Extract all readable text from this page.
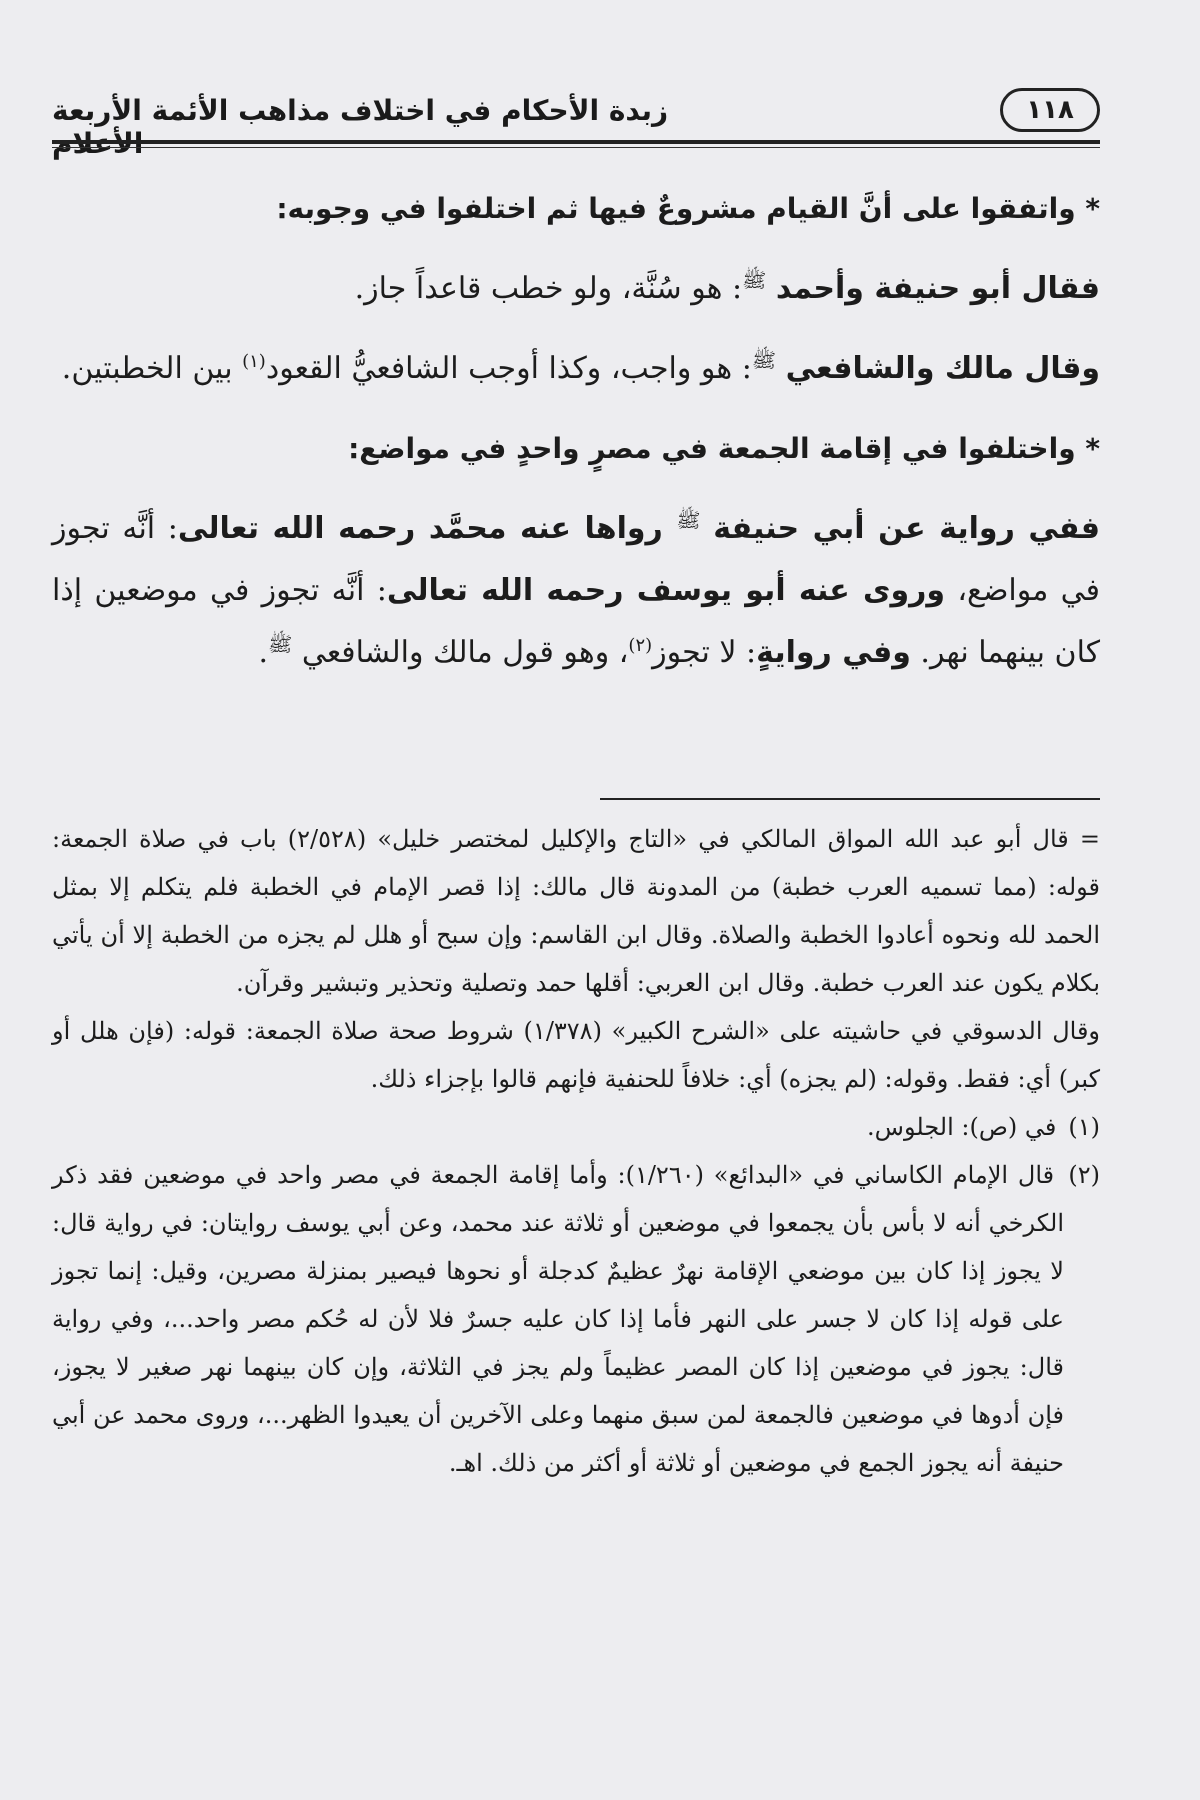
١١٨
زبدة الأحكام في اختلاف مذاهب الأئمة الأربعة الأعلام

* واتفقوا على أنَّ القيام مشروعٌ فيها ثم اختلفوا في وجوبه:

فقال أبو حنيفة وأحمد $^ﷺ$: هو سُنَّة، ولو خطب قاعداً جاز.

وقال مالك والشافعي $^ﷺ$: هو واجب، وكذا أوجب الشافعيُّ القعود$^{(١)}$ بين الخطبتين.

* واختلفوا في إقامة الجمعة في مصرٍ واحدٍ في مواضع:

ففي رواية عن أبي حنيفة $^ﷺ$ رواها عنه محمَّد رحمه الله تعالى: أنَّه تجوز في مواضع، وروى عنه أبو يوسف رحمه الله تعالى: أنَّه تجوز في موضعين إذا كان بينهما نهر. وفي روايةٍ: لا تجوز$^{(٢)}$، وهو قول مالك والشافعي $^ﷺ$.

= قال أبو عبد الله المواق المالكي في «التاج والإكليل لمختصر خليل» (٢/٥٢٨) باب في صلاة الجمعة: قوله: (مما تسميه العرب خطبة) من المدونة قال مالك: إذا قصر الإمام في الخطبة فلم يتكلم إلا بمثل الحمد لله ونحوه أعادوا الخطبة والصلاة. وقال ابن القاسم: وإن سبح أو هلل لم يجزه من الخطبة إلا أن يأتي بكلام يكون عند العرب خطبة. وقال ابن العربي: أقلها حمد وتصلية وتحذير وتبشير وقرآن.

وقال الدسوقي في حاشيته على «الشرح الكبير» (١/٣٧٨) شروط صحة صلاة الجمعة: قوله: (فإن هلل أو كبر) أي: فقط. وقوله: (لم يجزه) أي: خلافاً للحنفية فإنهم قالوا بإجزاء ذلك.

(١) في (ص): الجلوس.

(٢) قال الإمام الكاساني في «البدائع» (١/٢٦٠): وأما إقامة الجمعة في مصر واحد في موضعين فقد ذكر الكرخي أنه لا بأس بأن يجمعوا في موضعين أو ثلاثة عند محمد، وعن أبي يوسف روايتان: في رواية قال: لا يجوز إذا كان بين موضعي الإقامة نهرٌ عظيمٌ كدجلة أو نحوها فيصير بمنزلة مصرين، وقيل: إنما تجوز على قوله إذا كان لا جسر على النهر فأما إذا كان عليه جسرٌ فلا لأن له حُكم مصر واحد...، وفي رواية قال: يجوز في موضعين إذا كان المصر عظيماً ولم يجز في الثلاثة، وإن كان بينهما نهر صغير لا يجوز، فإن أدوها في موضعين فالجمعة لمن سبق منهما وعلى الآخرين أن يعيدوا الظهر...، وروى محمد عن أبي حنيفة أنه يجوز الجمع في موضعين أو ثلاثة أو أكثر من ذلك. اهـ.
